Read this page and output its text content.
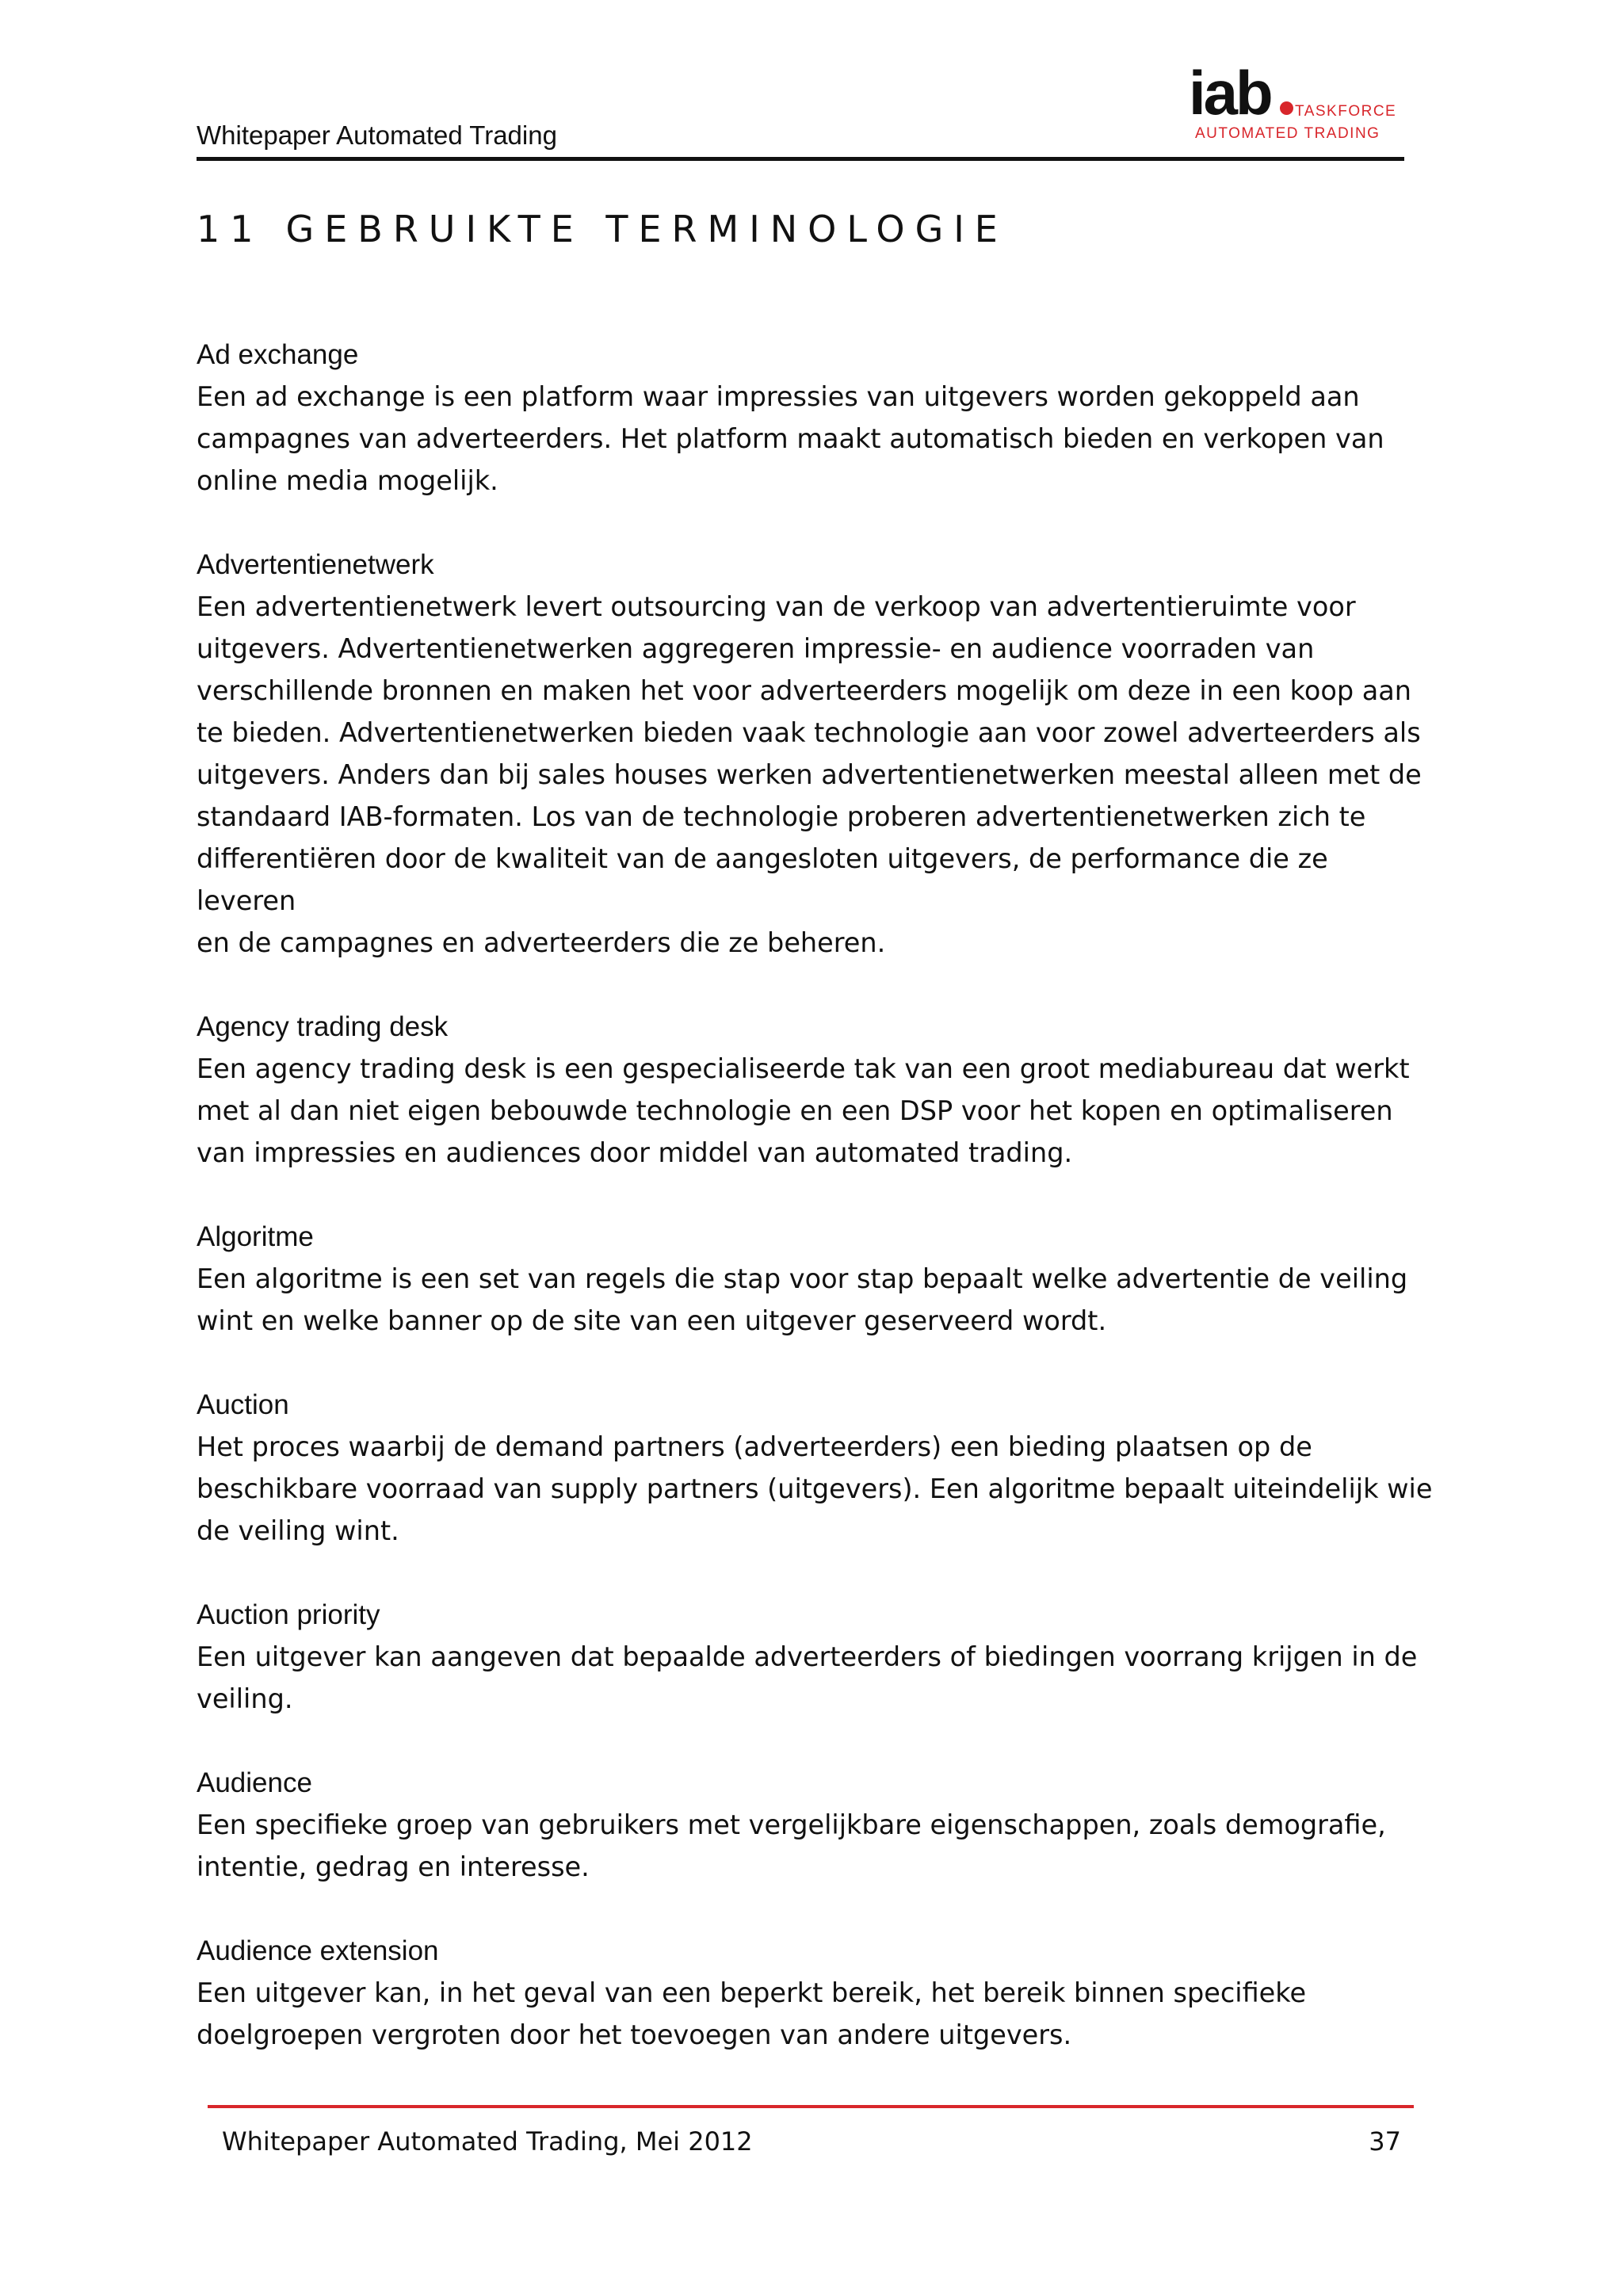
Whitepaper Automated Trading
iab TASKFORCE
AUTOMATED TRADING
11 GEBRUIKTE TERMINOLOGIE
Ad exchange
Een ad exchange is een platform waar impressies van uitgevers worden gekoppeld aan
campagnes van adverteerders. Het platform maakt automatisch bieden en verkopen van
online media mogelijk.
Advertentienetwerk
Een advertentienetwerk levert outsourcing van de verkoop van advertentieruimte voor
uitgevers. Advertentienetwerken aggregeren impressie- en audience voorraden van
verschillende bronnen en maken het voor adverteerders mogelijk om deze in een koop aan
te bieden. Advertentienetwerken bieden vaak technologie aan voor zowel adverteerders als
uitgevers. Anders dan bij sales houses werken advertentienetwerken meestal alleen met de
standaard IAB-formaten. Los van de technologie proberen advertentienetwerken zich te
differentiëren door de kwaliteit van de aangesloten uitgevers, de performance die ze leveren
en de campagnes en adverteerders die ze beheren.
Agency trading desk
Een agency trading desk is een gespecialiseerde tak van een groot mediabureau dat werkt
met al dan niet eigen bebouwde technologie en een DSP voor het kopen en optimaliseren
van impressies en audiences door middel van automated trading.
Algoritme
Een algoritme is een set van regels die stap voor stap bepaalt welke advertentie de veiling
wint en welke banner op de site van een uitgever geserveerd wordt.
Auction
Het proces waarbij de demand partners (adverteerders) een bieding plaatsen op de
beschikbare voorraad van supply partners (uitgevers). Een algoritme bepaalt uiteindelijk wie
de veiling wint.
Auction priority
Een uitgever kan aangeven dat bepaalde adverteerders of biedingen voorrang krijgen in de
veiling.
Audience
Een specifieke groep van gebruikers met vergelijkbare eigenschappen, zoals demografie,
intentie, gedrag en interesse.
Audience extension
Een uitgever kan, in het geval van een beperkt bereik, het bereik binnen specifieke
doelgroepen vergroten door het toevoegen van andere uitgevers.
Whitepaper Automated Trading, Mei 2012	37
